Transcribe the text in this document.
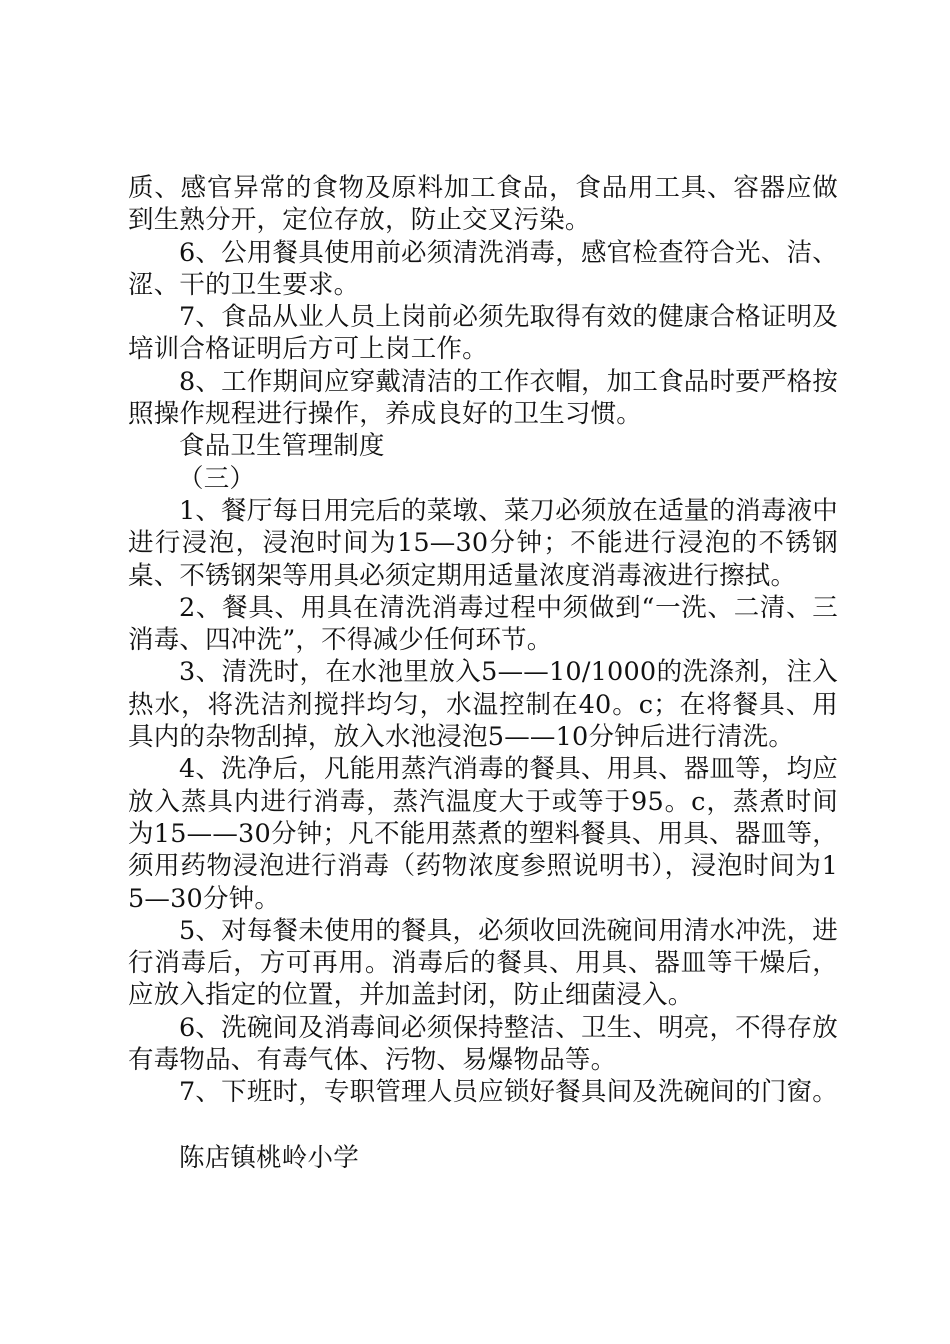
质、感官异常的食物及原料加工食品，食品用工具、容器应做到生熟分开，定位存放，防止交叉污染。

6、公用餐具使用前必须清洗消毒，感官检查符合光、洁、涩、干的卫生要求。

7、食品从业人员上岗前必须先取得有效的健康合格证明及培训合格证明后方可上岗工作。

8、工作期间应穿戴清洁的工作衣帽，加工食品时要严格按照操作规程进行操作，养成良好的卫生习惯。

食品卫生管理制度

（三）

1、餐厅每日用完后的菜墩、菜刀必须放在适量的消毒液中进行浸泡，浸泡时间为15—30分钟；不能进行浸泡的不锈钢桌、不锈钢架等用具必须定期用适量浓度消毒液进行擦拭。

2、餐具、用具在清洗消毒过程中须做到“一洗、二清、三消毒、四冲洗”，不得减少任何环节。

3、清洗时，在水池里放入5——10/1000的洗涤剂，注入热水，将洗洁剂搅拌均匀，水温控制在40。c；在将餐具、用具内的杂物刮掉，放入水池浸泡5——10分钟后进行清洗。

4、洗净后，凡能用蒸汽消毒的餐具、用具、器皿等，均应放入蒸具内进行消毒，蒸汽温度大于或等于95。c，蒸煮时间为15——30分钟；凡不能用蒸煮的塑料餐具、用具、器皿等，须用药物浸泡进行消毒（药物浓度参照说明书），浸泡时间为15—30分钟。

5、对每餐未使用的餐具，必须收回洗碗间用清水冲洗，进行消毒后，方可再用。消毒后的餐具、用具、器皿等干燥后，应放入指定的位置，并加盖封闭，防止细菌浸入。

6、洗碗间及消毒间必须保持整洁、卫生、明亮，不得存放有毒物品、有毒气体、污物、易爆物品等。

7、下班时，专职管理人员应锁好餐具间及洗碗间的门窗。

陈店镇桃岭小学
